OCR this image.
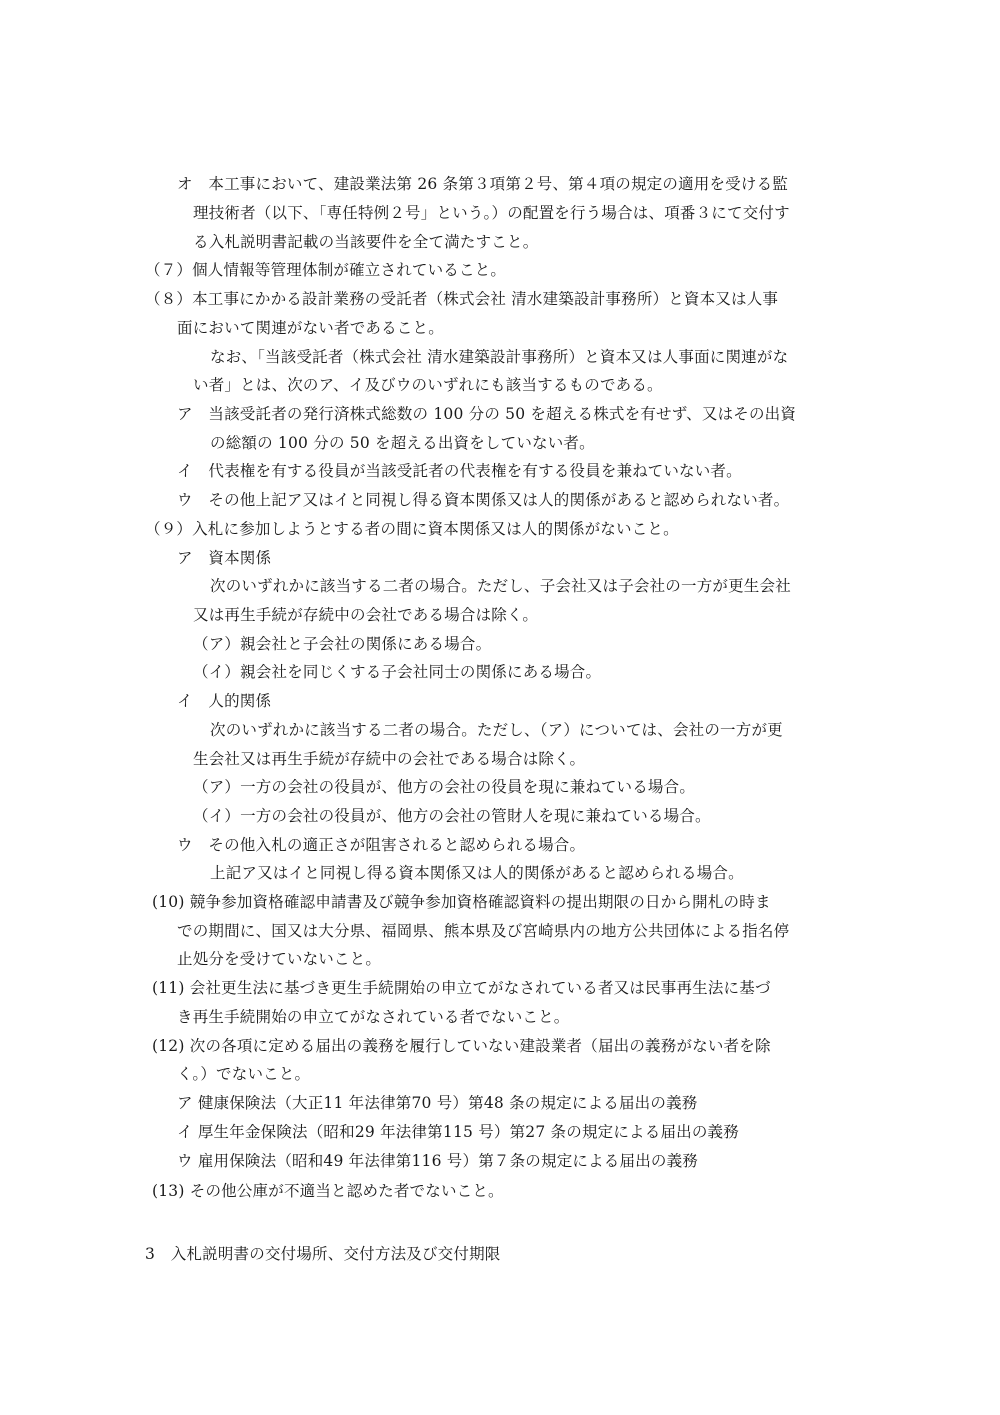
オ　本工事において、建設業法第 26 条第３項第２号、第４項の規定の適用を受ける監
理技術者（以下、「専任特例２号」という。）の配置を行う場合は、項番３にて交付す
る入札説明書記載の当該要件を全て満たすこと。
（７）個人情報等管理体制が確立されていること。
（８）本工事にかかる設計業務の受託者（株式会社 清水建築設計事務所）と資本又は人事
面において関連がない者であること。
なお、「当該受託者（株式会社 清水建築設計事務所）と資本又は人事面に関連がな
い者」とは、次のア、イ及びウのいずれにも該当するものである。
ア　当該受託者の発行済株式総数の 100 分の 50 を超える株式を有せず、又はその出資
の総額の 100 分の 50 を超える出資をしていない者。
イ　代表権を有する役員が当該受託者の代表権を有する役員を兼ねていない者。
ウ　その他上記ア又はイと同視し得る資本関係又は人的関係があると認められない者。
（９）入札に参加しようとする者の間に資本関係又は人的関係がないこと。
ア　資本関係
次のいずれかに該当する二者の場合。ただし、子会社又は子会社の一方が更生会社
又は再生手続が存続中の会社である場合は除く。
（ア）親会社と子会社の関係にある場合。
（イ）親会社を同じくする子会社同士の関係にある場合。
イ　人的関係
次のいずれかに該当する二者の場合。ただし、（ア）については、会社の一方が更
生会社又は再生手続が存続中の会社である場合は除く。
（ア）一方の会社の役員が、他方の会社の役員を現に兼ねている場合。
（イ）一方の会社の役員が、他方の会社の管財人を現に兼ねている場合。
ウ　その他入札の適正さが阻害されると認められる場合。
上記ア又はイと同視し得る資本関係又は人的関係があると認められる場合。
(10) 競争参加資格確認申請書及び競争参加資格確認資料の提出期限の日から開札の時ま
での期間に、国又は大分県、福岡県、熊本県及び宮崎県内の地方公共団体による指名停
止処分を受けていないこと。
(11) 会社更生法に基づき更生手続開始の申立てがなされている者又は民事再生法に基づ
き再生手続開始の申立てがなされている者でないこと。
(12) 次の各項に定める届出の義務を履行していない建設業者（届出の義務がない者を除
く。）でないこと。
ア 健康保険法（大正11 年法律第70 号）第48 条の規定による届出の義務
イ 厚生年金保険法（昭和29 年法律第115 号）第27 条の規定による届出の義務
ウ 雇用保険法（昭和49 年法律第116 号）第７条の規定による届出の義務
(13) その他公庫が不適当と認めた者でないこと。
3　入札説明書の交付場所、交付方法及び交付期限
